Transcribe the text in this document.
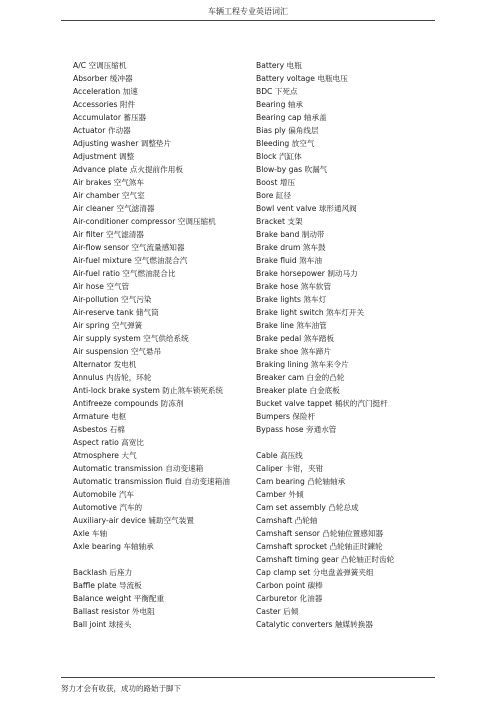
车辆工程专业英语词汇
A/C 空调压缩机
Absorber 缓冲器
Acceleration 加速
Accessories 附件
Accumulator 蓄压器
Actuator 作动器
Adjusting washer 调整垫片
Adjustment 调整
Advance plate 点火提前作用板
Air brakes 空气煞车
Air chamber 空气室
Air cleaner 空气滤清器
Air-conditioner compressor 空调压缩机
Air filter 空气滤清器
Air-flow sensor 空气流量感知器
Air-fuel mixture 空气燃油混合汽
Air-fuel ratio 空气燃油混合比
Air hose 空气管
Air-pollution 空气污染
Air-reserve tank 储气筒
Air spring 空气弹簧
Air supply system 空气供给系统
Air suspension 空气悬吊
Alternator 发电机
Annulus 内齿轮，环轮
Anti-lock brake system 防止煞车锁死系统
Antifreeze compounds 防冻剂
Armature 电枢
Asbestos 石棉
Aspect ratio 高宽比
Atmosphere 大气
Automatic transmission 自动变速箱
Automatic transmission fluid 自动变速箱油
Automobile 汽车
Automotive 汽车的
Auxiliary-air device 辅助空气装置
Axle 车轴
Axle bearing 车轴轴承
Backlash 后座力
Baffle plate 导流板
Balance weight 平衡配重
Ballast resistor 外电阻
Ball joint 球接头
Battery 电瓶
Battery voltage 电瓶电压
BDC 下死点
Bearing 轴承
Bearing cap 轴承盖
Bias ply 偏角线层
Bleeding 放空气
Block 汽缸体
Blow-by gas 吹漏气
Boost 增压
Bore 缸径
Bowl vent valve 球形通风阀
Bracket 支架
Brake band 制动带
Brake drum 煞车鼓
Brake fluid 煞车油
Brake horsepower 制动马力
Brake hose 煞车软管
Brake lights 煞车灯
Brake light switch 煞车灯开关
Brake line 煞车油管
Brake pedal 煞车踏板
Brake shoe 煞车蹄片
Braking lining 煞车来令片
Breaker cam 白金的凸轮
Breaker plate 白金底板
Bucket valve tappet 桶状的汽门挺杆
Bumpers 保险杆
Bypass hose 旁通水管
Cable 高压线
Caliper 卡钳，夹钳
Cam bearing 凸轮轴轴承
Camber 外倾
Cam set assembly 凸轮总成
Camshaft 凸轮轴
Camshaft sensor 凸轮轴位置感知器
Camshaft sprocket 凸轮轴正时鍊轮
Camshaft timing gear 凸轮轴正时齿轮
Cap clamp set 分电盘盖弹簧夹组
Carbon point 碳棒
Carburetor 化油器
Caster 后倾
Catalytic converters 触媒转换器
努力才会有收获，成功的路始于脚下
